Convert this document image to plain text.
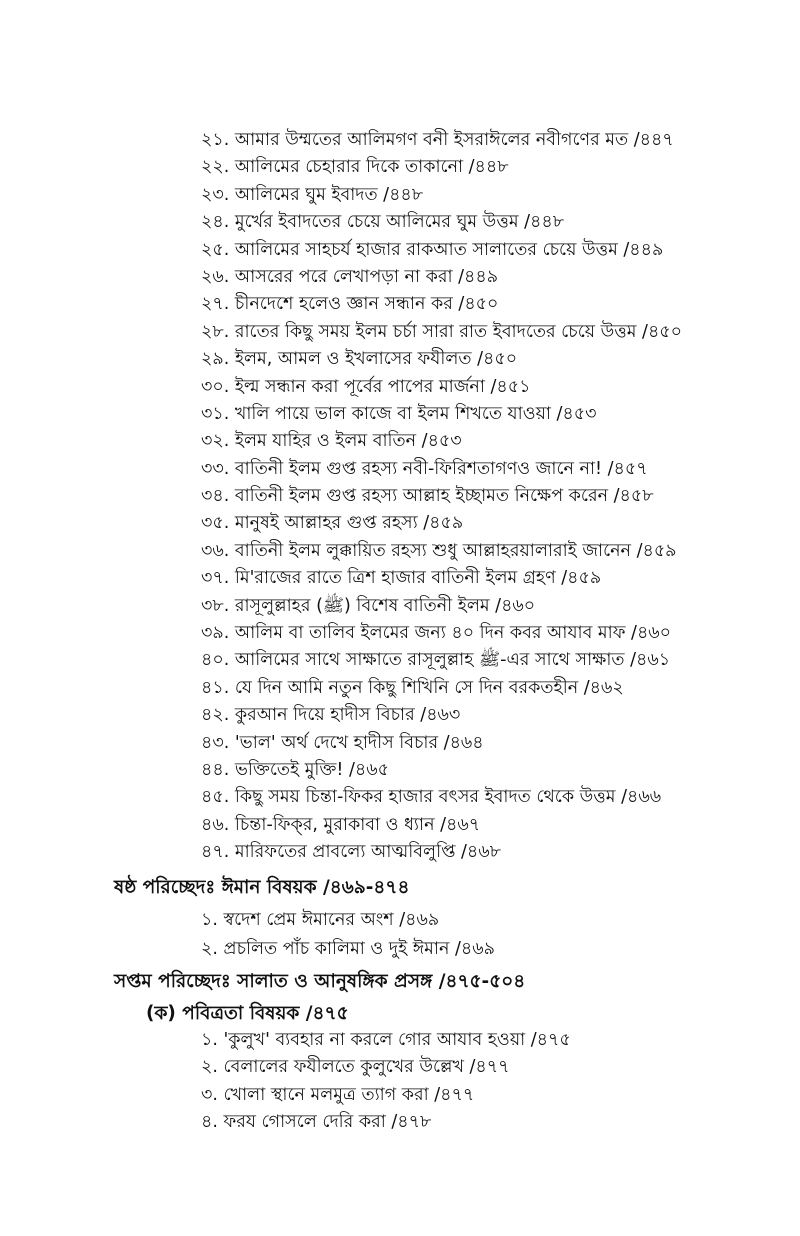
২১. আমার উম্মতের আলিমগণ বনী ইসরাঈলের নবীগণের মত /৪৪৭
২২. আলিমের চেহারার দিকে তাকানো /৪৪৮
২৩. আলিমের ঘুম ইবাদত /৪৪৮
২৪. মুর্খের ইবাদতের চেয়ে আলিমের ঘুম উত্তম /৪৪৮
২৫. আলিমের সাহচর্য হাজার রাকআত সালাতের চেয়ে উত্তম /৪৪৯
২৬. আসরের পরে লেখাপড়া না করা /৪৪৯
২৭. চীনদেশে হলেও জ্ঞান সন্ধান কর /৪৫০
২৮. রাতের কিছু সময় ইলম চর্চা সারা রাত ইবাদতের চেয়ে উত্তম /৪৫০
২৯. ইলম, আমল ও ইখলাসের ফযীলত /৪৫০
৩০. ইল্ম সন্ধান করা পূর্বের পাপের মার্জনা /৪৫১
৩১. খালি পায়ে ভাল কাজে বা ইলম শিখতে যাওয়া /৪৫৩
৩২. ইলম যাহির ও ইলম বাতিন /৪৫৩
৩৩. বাতিনী ইলম গুপ্ত রহস্য নবী-ফিরিশতাগণও জানে না! /৪৫৭
৩৪. বাতিনী ইলম গুপ্ত রহস্য আল্লাহ ইচ্ছামত নিক্ষেপ করেন /৪৫৮
৩৫. মানুষই আল্লাহর গুপ্ত রহস্য /৪৫৯
৩৬. বাতিনী ইলম লুক্কায়িত রহস্য শুধু আল্লাহরয়ালারাই জানেন /৪৫৯
৩৭. মি'রাজের রাতে ত্রিশ হাজার বাতিনী ইলম গ্রহণ /৪৫৯
৩৮. রাসূলুল্লাহর (ﷺ) বিশেষ বাতিনী ইলম /৪৬০
৩৯. আলিম বা তালিব ইলমের জন্য ৪০ দিন কবর আযাব মাফ /৪৬০
৪০. আলিমের সাথে সাক্ষাতে রাসূলুল্লাহ ﷺ-এর সাথে সাক্ষাত /৪৬১
৪১. যে দিন আমি নতুন কিছু শিখিনি সে দিন বরকতহীন /৪৬২
৪২. কুরআন দিয়ে হাদীস বিচার /৪৬৩
৪৩. 'ভাল' অর্থ দেখে হাদীস বিচার /৪৬৪
৪৪. ভক্তিতেই মুক্তি! /৪৬৫
৪৫. কিছু সময় চিন্তা-ফিকর হাজার বৎসর ইবাদত থেকে উত্তম /৪৬৬
৪৬. চিন্তা-ফিক্‌র, মুরাকাবা ও ধ্যান /৪৬৭
৪৭. মারিফতের প্রাবল্যে আত্মবিলুপ্তি /৪৬৮
ষষ্ঠ পরিচ্ছেদঃ ঈমান বিষয়ক /৪৬৯-৪৭৪
১. স্বদেশ প্রেম ঈমানের অংশ /৪৬৯
২. প্রচলিত পাঁচ কালিমা ও দুই ঈমান /৪৬৯
সপ্তম পরিচ্ছেদঃ সালাত ও আনুষঙ্গিক প্রসঙ্গ /৪৭৫-৫০৪
(ক) পবিত্রতা বিষয়ক /৪৭৫
১. 'কুলুখ' ব্যবহার না করলে গোর আযাব হওয়া /৪৭৫
২. বেলালের ফযীলতে কুলুখের উল্লেখ /৪৭৭
৩. খোলা স্থানে মলমুত্র ত্যাগ করা /৪৭৭
৪. ফরয গোসলে দেরি করা /৪৭৮
